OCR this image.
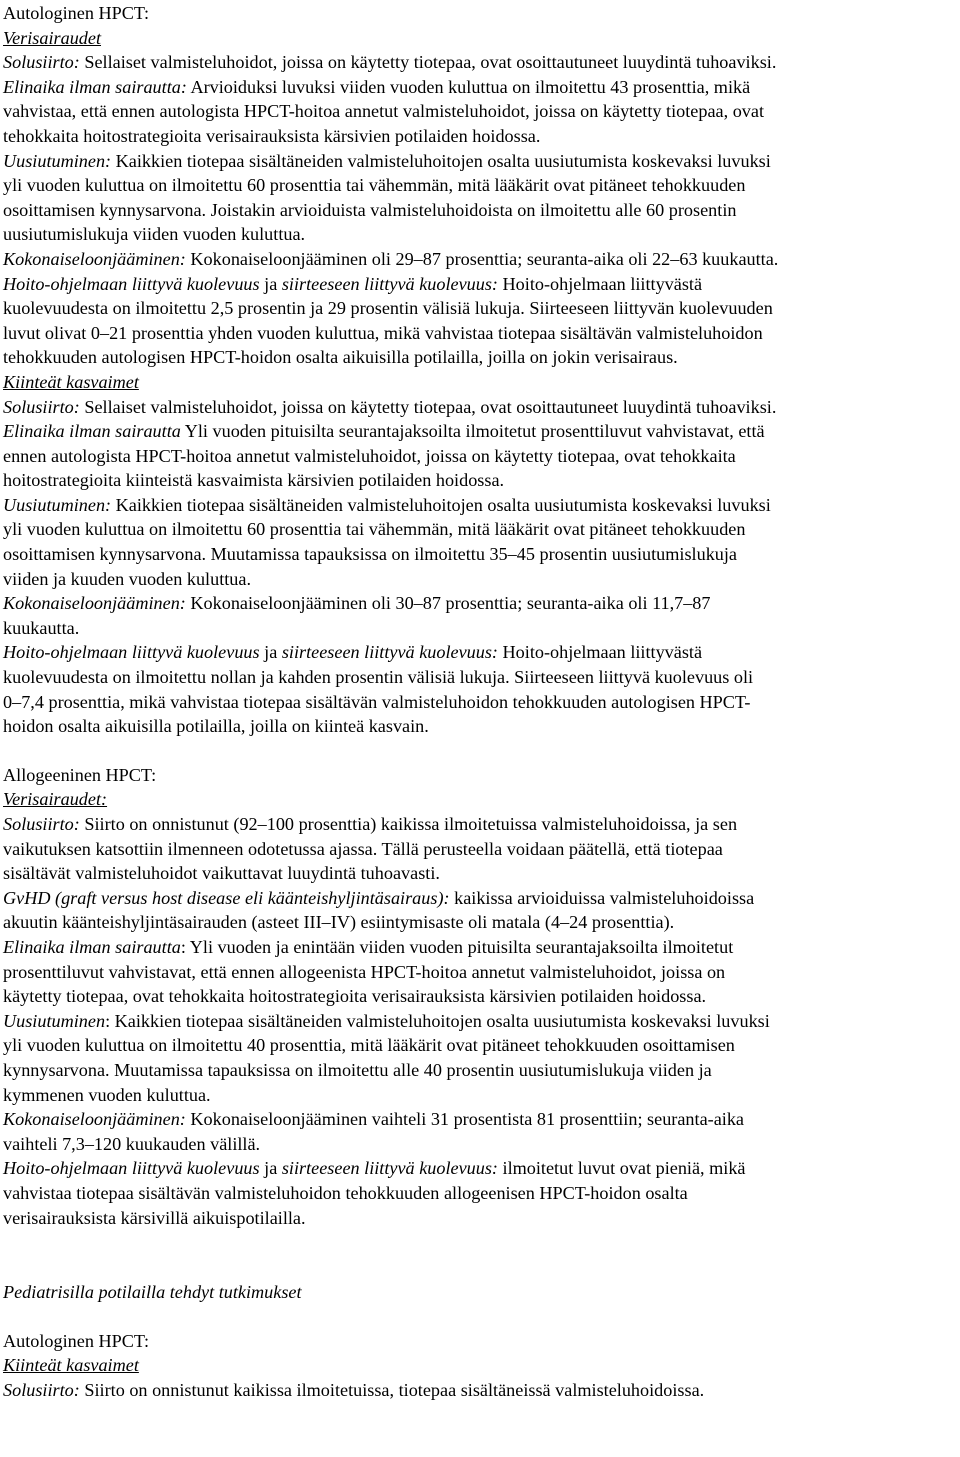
Autologinen HPCT:
Verisairaudet
Solusiirto: Sellaiset valmisteluhoidot, joissa on käytetty tiotepaa, ovat osoittautuneet luuydintä tuhoaviksi.
Elinaika ilman sairautta: Arvioiduksi luvuksi viiden vuoden kuluttua on ilmoitettu 43 prosenttia, mikä
vahvistaa, että ennen autologista HPCT-hoitoa annetut valmisteluhoidot, joissa on käytetty tiotepaa, ovat
tehokkaita hoitostrategioita verisairauksista kärsivien potilaiden hoidossa.
Uusiutuminen: Kaikkien tiotepaa sisältäneiden valmisteluhoitojen osalta uusiutumista koskevaksi luvuksi
yli vuoden kuluttua on ilmoitettu 60 prosenttia tai vähemmän, mitä lääkärit ovat pitäneet tehokkuuden
osoittamisen kynnysarvona. Joistakin arvioiduista valmisteluhoidoista on ilmoitettu alle 60 prosentin
uusiutumislukuja viiden vuoden kuluttua.
Kokonaiseloonjääminen: Kokonaiseloonjääminen oli 29–87 prosenttia; seuranta-aika oli 22–63 kuukautta.
Hoito-ohjelmaan liittyvä kuolevuus ja siirteeseen liittyvä kuolevuus: Hoito-ohjelmaan liittyvästä
kuolevuudesta on ilmoitettu 2,5 prosentin ja 29 prosentin välisiä lukuja. Siirteeseen liittyvän kuolevuuden
luvut olivat 0–21 prosenttia yhden vuoden kuluttua, mikä vahvistaa tiotepaa sisältävän valmisteluhoidon
tehokkuuden autologisen HPCT-hoidon osalta aikuisilla potilailla, joilla on jokin verisairaus.
Kiinteät kasvaimet
Solusiirto: Sellaiset valmisteluhoidot, joissa on käytetty tiotepaa, ovat osoittautuneet luuydintä tuhoaviksi.
Elinaika ilman sairautta Yli vuoden pituisilta seurantajaksoilta ilmoitetut prosenttiluvut vahvistavat, että
ennen autologista HPCT-hoitoa annetut valmisteluhoidot, joissa on käytetty tiotepaa, ovat tehokkaita
hoitostrategioita kiinteistä kasvaimista kärsivien potilaiden hoidossa.
Uusiutuminen: Kaikkien tiotepaa sisältäneiden valmisteluhoitojen osalta uusiutumista koskevaksi luvuksi
yli vuoden kuluttua on ilmoitettu 60 prosenttia tai vähemmän, mitä lääkärit ovat pitäneet tehokkuuden
osoittamisen kynnysarvona. Muutamissa tapauksissa on ilmoitettu 35–45 prosentin uusiutumislukuja
viiden ja kuuden vuoden kuluttua.
Kokonaiseloonjääminen: Kokonaiseloonjääminen oli 30–87 prosenttia; seuranta-aika oli 11,7–87
kuukautta.
Hoito-ohjelmaan liittyvä kuolevuus ja siirteeseen liittyvä kuolevuus: Hoito-ohjelmaan liittyvästä
kuolevuudesta on ilmoitettu nollan ja kahden prosentin välisiä lukuja. Siirteeseen liittyvä kuolevuus oli
0–7,4 prosenttia, mikä vahvistaa tiotepaa sisältävän valmisteluhoidon tehokkuuden autologisen HPCT-
hoidon osalta aikuisilla potilailla, joilla on kiinteä kasvain.
Allogeeninen HPCT:
Verisairaudet:
Solusiirto: Siirto on onnistunut (92–100 prosenttia) kaikissa ilmoitetuissa valmisteluhoidoissa, ja sen
vaikutuksen katsottiin ilmenneen odotetussa ajassa. Tällä perusteella voidaan päätellä, että tiotepaa
sisältävät valmisteluhoidot vaikuttavat luuydintä tuhoavasti.
GvHD (graft versus host disease eli käänteishyljintäsairaus): kaikissa arvioiduissa valmisteluhoidoissa
akuutin käänteishyljintäsairauden (asteet III–IV) esiintymisaste oli matala (4–24 prosenttia).
Elinaika ilman sairautta: Yli vuoden ja enintään viiden vuoden pituisilta seurantajaksoilta ilmoitetut
prosenttiluvut vahvistavat, että ennen allogeenista HPCT-hoitoa annetut valmisteluhoidot, joissa on
käytetty tiotepaa, ovat tehokkaita hoitostrategioita verisairauksista kärsivien potilaiden hoidossa.
Uusiutuminen: Kaikkien tiotepaa sisältäneiden valmisteluhoitojen osalta uusiutumista koskevaksi luvuksi
yli vuoden kuluttua on ilmoitettu 40 prosenttia, mitä lääkärit ovat pitäneet tehokkuuden osoittamisen
kynnysarvona. Muutamissa tapauksissa on ilmoitettu alle 40 prosentin uusiutumislukuja viiden ja
kymmenen vuoden kuluttua.
Kokonaiseloonjääminen: Kokonaiseloonjääminen vaihteli 31 prosentista 81 prosenttiin; seuranta-aika
vaihteli 7,3–120 kuukauden välillä.
Hoito-ohjelmaan liittyvä kuolevuus ja siirteeseen liittyvä kuolevuus: ilmoitetut luvut ovat pieniä, mikä
vahvistaa tiotepaa sisältävän valmisteluhoidon tehokkuuden allogeenisen HPCT-hoidon osalta
verisairauksista kärsivillä aikuispotilailla.
Pediatrisilla potilailla tehdyt tutkimukset
Autologinen HPCT:
Kiinteät kasvaimet
Solusiirto: Siirto on onnistunut kaikissa ilmoitetuissa, tiotepaa sisältäneissä valmisteluhoidoissa.
